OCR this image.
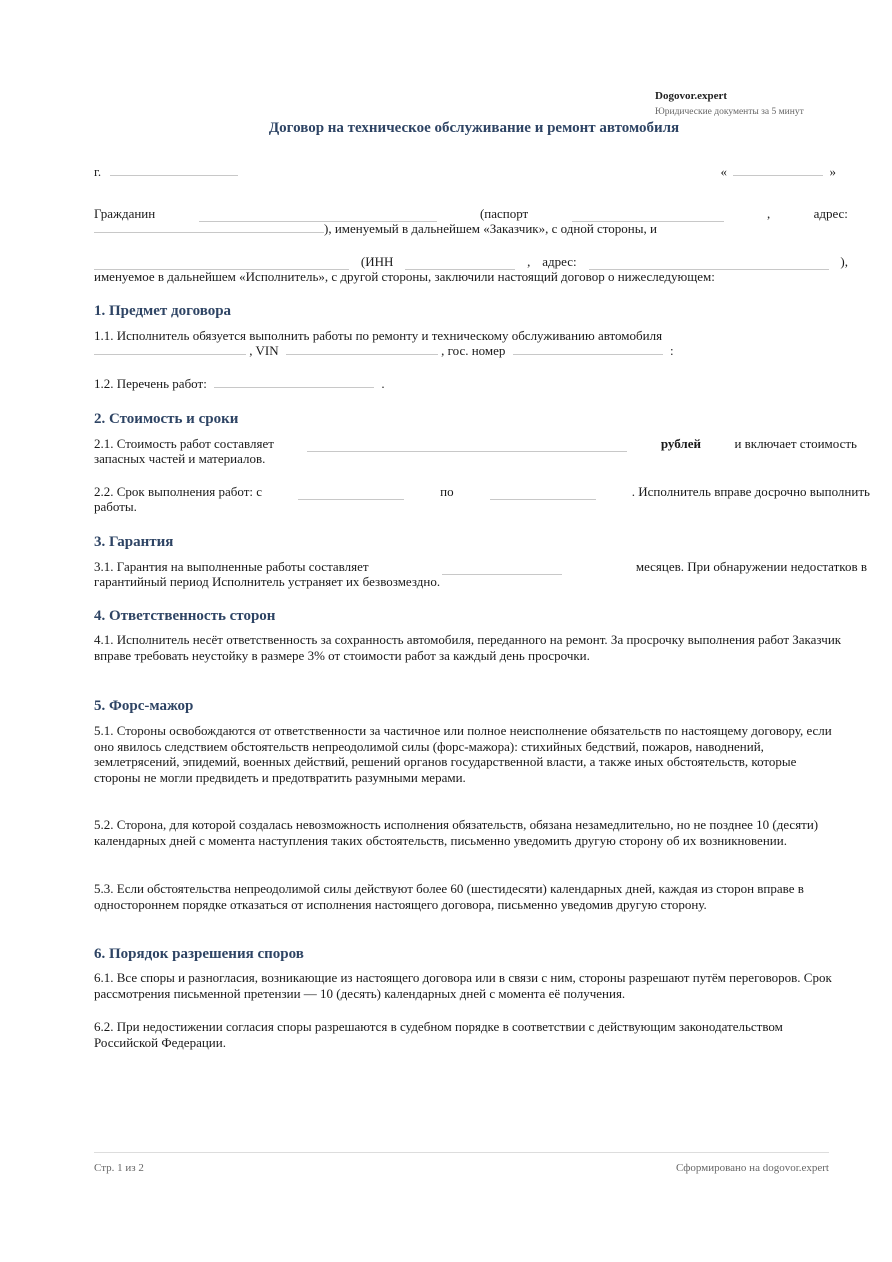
Dogovor.expert
Юридические документы за 5 минут
Договор на техническое обслуживание и ремонт автомобиля
г.	«	»
Гражданин	(паспорт	,	адрес:
), именуемый в дальнейшем «Заказчик», с одной стороны, и
(ИНН	, адрес:	),
именуемое в дальнейшем «Исполнитель», с другой стороны, заключили настоящий договор о нижеследующем:
1. Предмет договора
1.1. Исполнитель обязуется выполнить работы по ремонту и техническому обслуживанию автомобиля
, VIN	, гос. номер	:
1.2. Перечень работ:	.
2. Стоимость и сроки
2.1. Стоимость работ составляет	рублей	и включает стоимость
запасных частей и материалов.
2.2. Срок выполнения работ: с	по	. Исполнитель вправе досрочно выполнить
работы.
3. Гарантия
3.1. Гарантия на выполненные работы составляет	месяцев. При обнаружении недостатков в
гарантийный период Исполнитель устраняет их безвозмездно.
4. Ответственность сторон
4.1. Исполнитель несёт ответственность за сохранность автомобиля, переданного на ремонт. За просрочку выполнения работ Заказчик вправе требовать неустойку в размере 3% от стоимости работ за каждый день просрочки.
5. Форс-мажор
5.1. Стороны освобождаются от ответственности за частичное или полное неисполнение обязательств по настоящему договору, если оно явилось следствием обстоятельств непреодолимой силы (форс-мажора): стихийных бедствий, пожаров, наводнений, землетрясений, эпидемий, военных действий, решений органов государственной власти, а также иных обстоятельств, которые стороны не могли предвидеть и предотвратить разумными мерами.
5.2. Сторона, для которой создалась невозможность исполнения обязательств, обязана незамедлительно, но не позднее 10 (десяти) календарных дней с момента наступления таких обстоятельств, письменно уведомить другую сторону об их возникновении.
5.3. Если обстоятельства непреодолимой силы действуют более 60 (шестидесяти) календарных дней, каждая из сторон вправе в одностороннем порядке отказаться от исполнения настоящего договора, письменно уведомив другую сторону.
6. Порядок разрешения споров
6.1. Все споры и разногласия, возникающие из настоящего договора или в связи с ним, стороны разрешают путём переговоров. Срок рассмотрения письменной претензии — 10 (десять) календарных дней с момента её получения.
6.2. При недостижении согласия споры разрешаются в судебном порядке в соответствии с действующим законодательством Российской Федерации.
Стр. 1 из 2	Сформировано на dogovor.expert
